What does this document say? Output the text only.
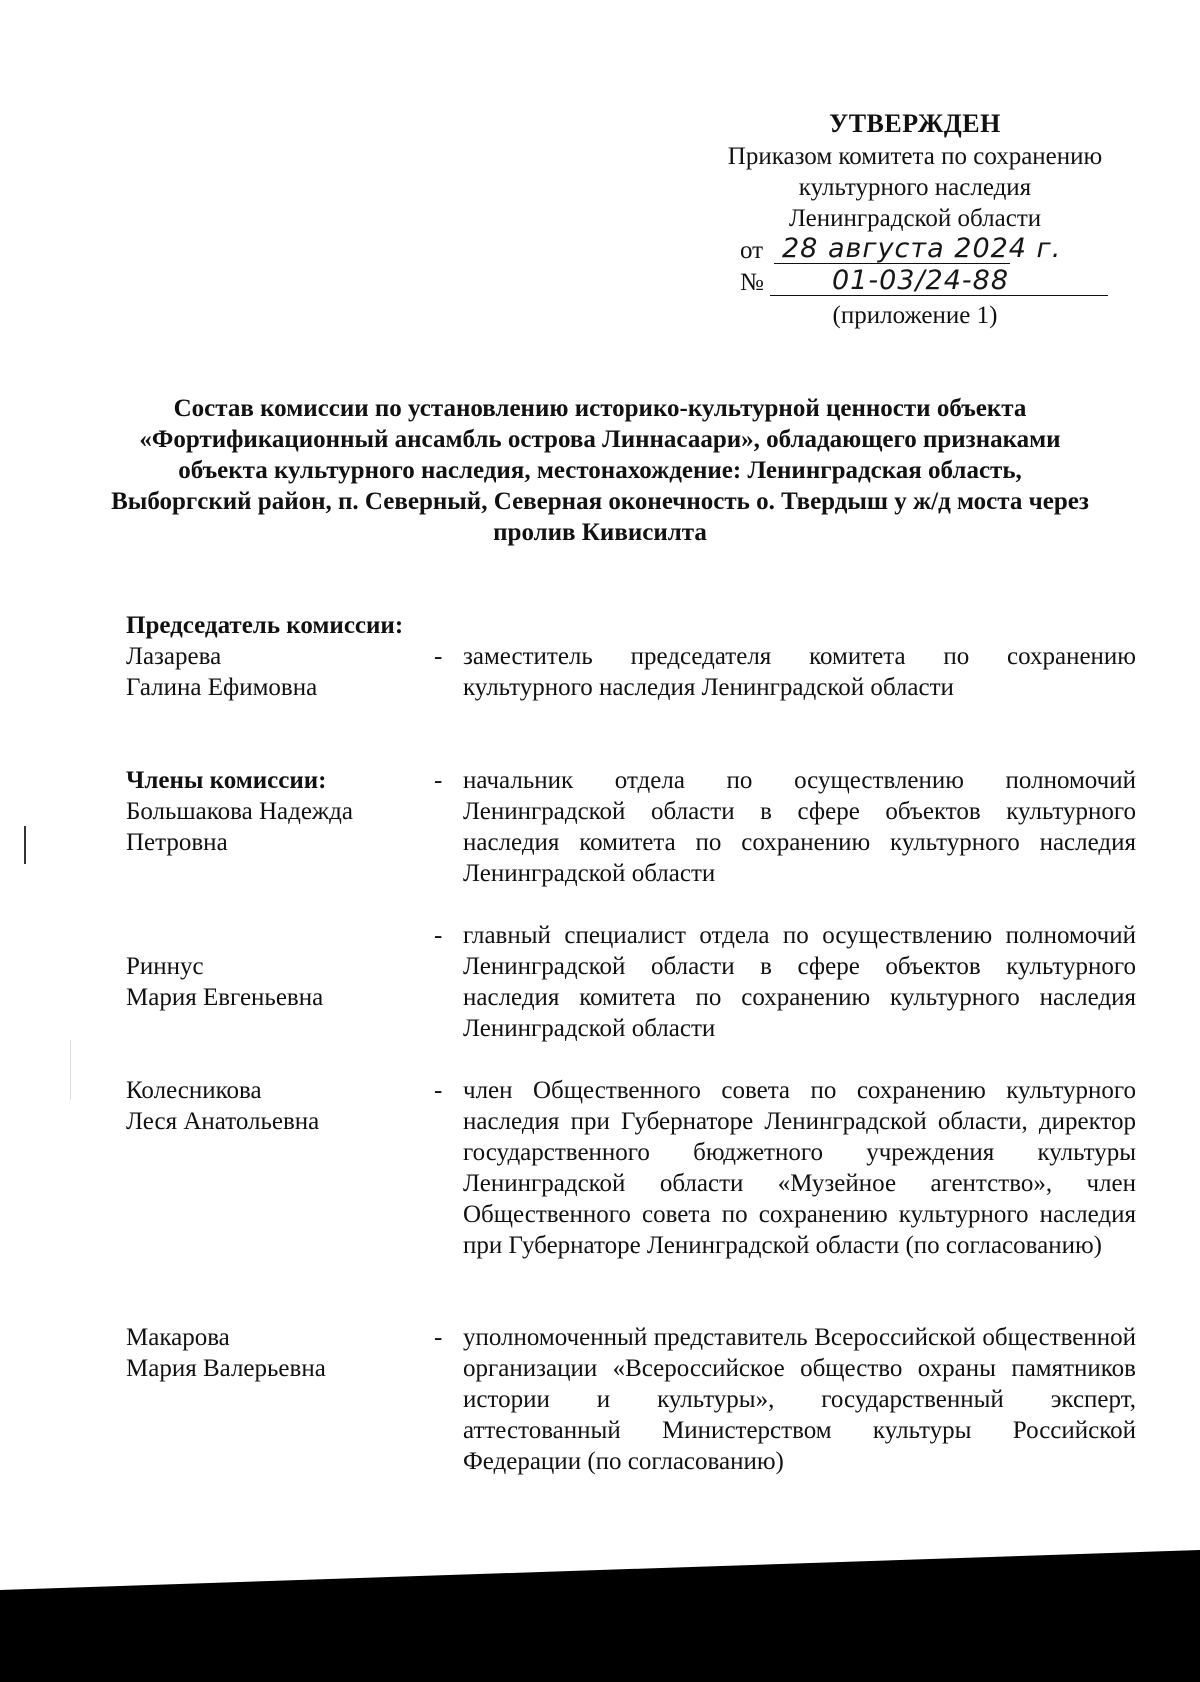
УТВЕРЖДЕН
Приказом комитета по сохранению
культурного наследия
Ленинградской области
от 28 августа 2024 г.
№	01-03/24-88
(приложение 1)
Состав комиссии по установлению историко-культурной ценности объекта «Фортификационный ансамбль острова Линнасаари», обладающего признаками объекта культурного наследия, местонахождение: Ленинградская область, Выборгский район, п. Северный, Северная оконечность о. Твердыш у ж/д моста через пролив Кивисилта
Председатель комиссии:
Лазарева
Галина Ефимовна
- заместитель председателя комитета по сохранению культурного наследия Ленинградской области
Члены комиссии:
Большакова Надежда
Петровна
- начальник отдела по осуществлению полномочий Ленинградской области в сфере объектов культурного наследия комитета по сохранению культурного наследия Ленинградской области
Риннус
Мария Евгеньевна
- главный специалист отдела по осуществлению полномочий Ленинградской области в сфере объектов культурного наследия комитета по сохранению культурного наследия Ленинградской области
Колесникова
Леся Анатольевна
- член Общественного совета по сохранению культурного наследия при Губернаторе Ленинградской области, директор государственного бюджетного учреждения культуры Ленинградской области «Музейное агентство», член Общественного совета по сохранению культурного наследия при Губернаторе Ленинградской области (по согласованию)
Макарова
Мария Валерьевна
- уполномоченный представитель Всероссийской общественной организации «Всероссийское общество охраны памятников истории и культуры», государственный эксперт, аттестованный Министерством культуры Российской Федерации (по согласованию)
